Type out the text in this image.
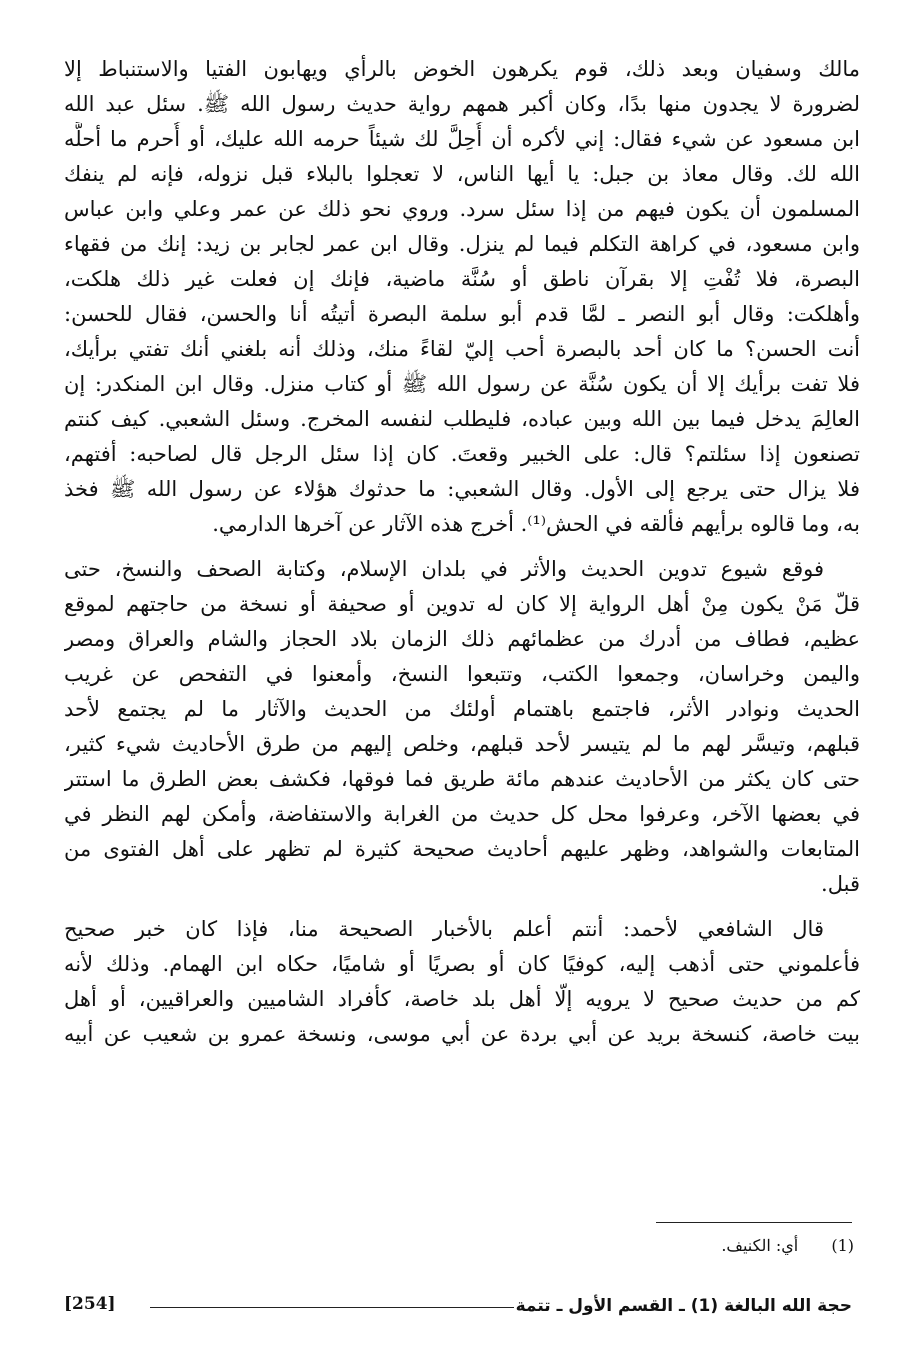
مالك وسفيان وبعد ذلك، قوم يكرهون الخوض بالرأي ويهابون الفتيا والاستنباط إلا
لضرورة لا يجدون منها بدًا، وكان أكبر همهم رواية حديث رسول الله ﷺ. سئل عبد الله
ابن مسعود عن شيء فقال: إني لأكره أن أُحِلَّ لك شيئاً حرمه الله عليك، أو أُحرم ما أحلَّه
الله لك. وقال معاذ بن جبل: يا أيها الناس، لا تعجلوا بالبلاء قبل نزوله، فإنه لم ينفك
المسلمون أن يكون فيهم من إذا سئل سرد. وروي نحو ذلك عن عمر وعلي وابن عباس
وابن مسعود، في كراهة التكلم فيما لم ينزل. وقال ابن عمر لجابر بن زيد: إنك من فقهاء
البصرة، فلا تُفْتِ إلا بقرآن ناطق أو سُنَّة ماضية، فإنك إن فعلت غير ذلك هلكت،
وأهلكت: وقال أبو النصر ـ لمَّا قدم أبو سلمة البصرة أتيتُه أنا والحسن، فقال للحسن:
أنت الحسن؟ ما كان أحد بالبصرة أحب إليّ لقاءً منك، وذلك أنه بلغني أنك تفتي برأيك،
فلا تفت برأيك إلا أن يكون سُنَّة عن رسول الله ﷺ أو كتاب منزل. وقال ابن المنكدر: إن
العالِمَ يدخل فيما بين الله وبين عباده، فليطلب لنفسه المخرج. وسئل الشعبي. كيف كنتم
تصنعون إذا سئلتم؟ قال: على الخبير وقعتَ. كان إذا سئل الرجل قال لصاحبه: أفتهم،
فلا يزال حتى يرجع إلى الأول. وقال الشعبي: ما حدثوك هؤلاء عن رسول الله ﷺ فخذ
به، وما قالوه برأيهم فألقه في الحش⁽¹⁾. أخرج هذه الآثار عن آخرها الدارمي.

فوقع شيوع تدوين الحديث والأثر في بلدان الإسلام، وكتابة الصحف والنسخ، حتى
قلّ مَنْ يكون مِنْ أهل الرواية إلا كان له تدوين أو صحيفة أو نسخة من حاجتهم لموقع
عظيم، فطاف من أدرك من عظمائهم ذلك الزمان بلاد الحجاز والشام والعراق ومصر
واليمن وخراسان، وجمعوا الكتب، وتتبعوا النسخ، وأمعنوا في التفحص عن غريب
الحديث ونوادر الأثر، فاجتمع باهتمام أولئك من الحديث والآثار ما لم يجتمع لأحد
قبلهم، وتيسَّر لهم ما لم يتيسر لأحد قبلهم، وخلص إليهم من طرق الأحاديث شيء كثير،
حتى كان يكثر من الأحاديث عندهم مائة طريق فما فوقها، فكشف بعض الطرق ما استتر
في بعضها الآخر، وعرفوا محل كل حديث من الغرابة والاستفاضة، وأمكن لهم النظر في
المتابعات والشواهد، وظهر عليهم أحاديث صحيحة كثيرة لم تظهر على أهل الفتوى من
قبل.

قال الشافعي لأحمد: أنتم أعلم بالأخبار الصحيحة منا، فإذا كان خبر صحيح
فأعلموني حتى أذهب إليه، كوفيًا كان أو بصريًا أو شاميًا، حكاه ابن الهمام. وذلك لأنه
كم من حديث صحيح لا يرويه إلّا أهل بلد خاصة، كأفراد الشاميين والعراقيين، أو أهل
بيت خاصة، كنسخة بريد عن أبي بردة عن أبي موسى، ونسخة عمرو بن شعيب عن أبيه

(1) أي: الكنيف.
حجة الله البالغة (1) ـ القسم الأول ـ تتمة
[254]
